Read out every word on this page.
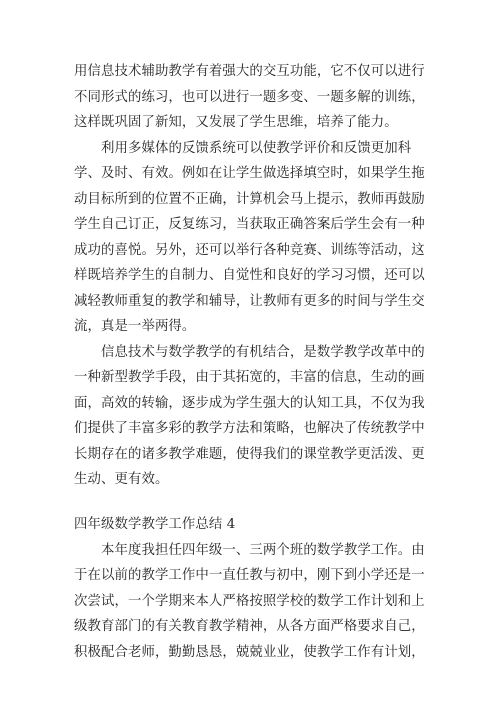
用信息技术辅助教学有着强大的交互功能，它不仅可以进行
不同形式的练习，也可以进行一题多变、一题多解的训练，
这样既巩固了新知，又发展了学生思维，培养了能力。
利用多媒体的反馈系统可以使教学评价和反馈更加科
学、及时、有效。例如在让学生做选择填空时，如果学生拖
动目标所到的位置不正确，计算机会马上提示，教师再鼓励
学生自己订正，反复练习，当获取正确答案后学生会有一种
成功的喜悦。另外，还可以举行各种竞赛、训练等活动，这
样既培养学生的自制力、自觉性和良好的学习习惯，还可以
减轻教师重复的教学和辅导，让教师有更多的时间与学生交
流，真是一举两得。
信息技术与数学教学的有机结合，是数学教学改革中的
一种新型教学手段，由于其拓宽的，丰富的信息，生动的画
面，高效的转输，逐步成为学生强大的认知工具，不仅为我
们提供了丰富多彩的教学方法和策略，也解决了传统教学中
长期存在的诸多教学难题，使得我们的课堂教学更活泼、更
生动、更有效。
四年级数学教学工作总结 4
本年度我担任四年级一、三两个班的数学教学工作。由
于在以前的教学工作中一直任教与初中，刚下到小学还是一
次尝试，一个学期来本人严格按照学校的数学工作计划和上
级教育部门的有关教育教学精神，从各方面严格要求自己，
积极配合老师，勤勤恳恳，兢兢业业，使教学工作有计划，
